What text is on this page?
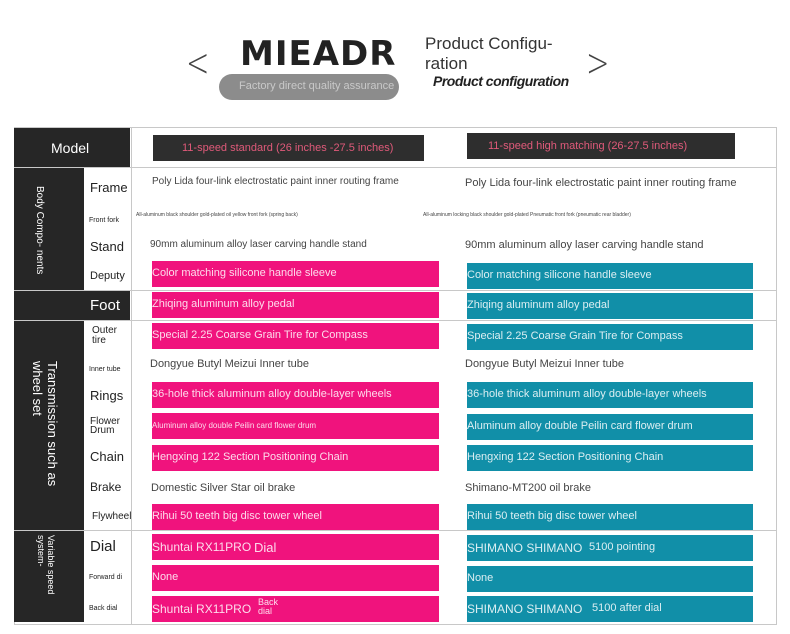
< MIEADR
Factory direct quality assurance
Product Configu- ration
Product configuration >
Model	11-speed standard (26 inches -27.5 inches)	11-speed high matching (26-27.5 inches)
Body Compo- nents
Foot
Transmission such as wheel set
Variable speed system-
Frame
Front fork
Stand
Deputy
Outer tire
Inner tube
Rings
Flower Drum
Chain
Brake
Flywheel
Dial
Forward di
Back dial
Poly Lida four-link electrostatic paint inner routing frame
All-aluminum black shoulder gold-plated oil yellow front fork (spring back)
90mm aluminum alloy laser carving handle stand
Color matching silicone handle sleeve
Zhiqing aluminum alloy pedal
Special 2.25 Coarse Grain Tire for Compass
Dongyue Butyl Meizui Inner tube
36-hole thick aluminum alloy double-layer wheels
Aluminum alloy double Peilin card flower drum
Hengxing 122 Section Positioning Chain
Domestic Silver Star oil brake
Rihui 50 teeth big disc tower wheel
Shuntai RX11PRO Dial
None
Shuntai RX11PRO Back dial
Poly Lida four-link electrostatic paint inner routing frame
All-aluminum locking black shoulder gold-plated Pneumatic front fork (pneumatic rear bladder)
90mm aluminum alloy laser carving handle stand
Color matching silicone handle sleeve
Zhiqing aluminum alloy pedal
Special 2.25 Coarse Grain Tire for Compass
Dongyue Butyl Meizui Inner tube
36-hole thick aluminum alloy double-layer wheels
Aluminum alloy double Peilin card flower drum
Hengxing 122 Section Positioning Chain
Shimano-MT200 oil brake
Rihui 50 teeth big disc tower wheel
SHIMANO SHIMANO 5100 pointing
None
SHIMANO SHIMANO 5100 after dial
